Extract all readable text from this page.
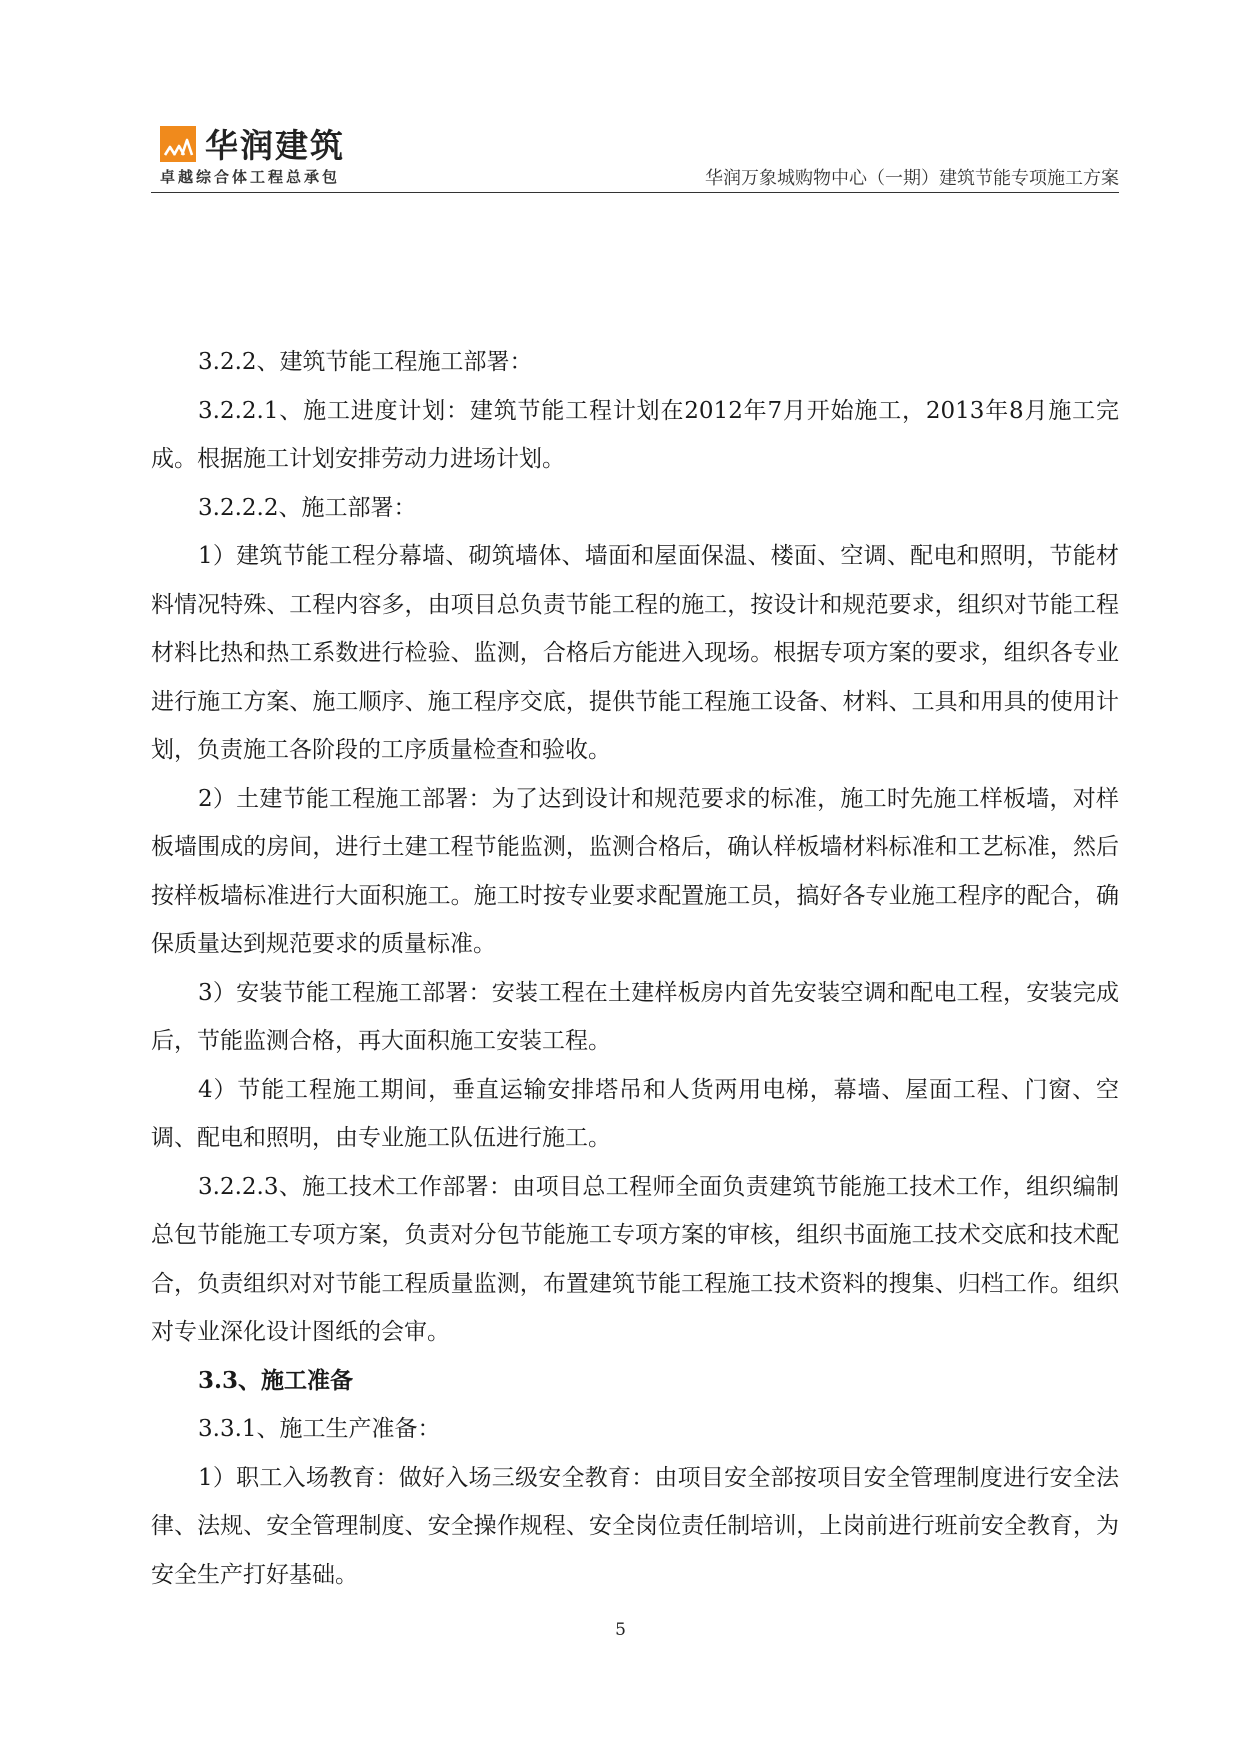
华润建筑
卓越综合体工程总承包	华润万象城购物中心（一期）建筑节能专项施工方案

3.2.2、建筑节能工程施工部署：

3.2.2.1、施工进度计划：建筑节能工程计划在2012年7月开始施工，2013年8月施工完成。根据施工计划安排劳动力进场计划。

3.2.2.2、施工部署：

1）建筑节能工程分幕墙、砌筑墙体、墙面和屋面保温、楼面、空调、配电和照明，节能材料情况特殊、工程内容多，由项目总负责节能工程的施工，按设计和规范要求，组织对节能工程材料比热和热工系数进行检验、监测，合格后方能进入现场。根据专项方案的要求，组织各专业进行施工方案、施工顺序、施工程序交底，提供节能工程施工设备、材料、工具和用具的使用计划，负责施工各阶段的工序质量检查和验收。

2）土建节能工程施工部署：为了达到设计和规范要求的标准，施工时先施工样板墙，对样板墙围成的房间，进行土建工程节能监测，监测合格后，确认样板墙材料标准和工艺标准，然后按样板墙标准进行大面积施工。施工时按专业要求配置施工员，搞好各专业施工程序的配合，确保质量达到规范要求的质量标准。

3）安装节能工程施工部署：安装工程在土建样板房内首先安装空调和配电工程，安装完成后，节能监测合格，再大面积施工安装工程。

4）节能工程施工期间，垂直运输安排塔吊和人货两用电梯，幕墙、屋面工程、门窗、空调、配电和照明，由专业施工队伍进行施工。

3.2.2.3、施工技术工作部署：由项目总工程师全面负责建筑节能施工技术工作，组织编制总包节能施工专项方案，负责对分包节能施工专项方案的审核，组织书面施工技术交底和技术配合，负责组织对对节能工程质量监测，布置建筑节能工程施工技术资料的搜集、归档工作。组织对专业深化设计图纸的会审。

3.3、施工准备

3.3.1、施工生产准备：

1）职工入场教育：做好入场三级安全教育：由项目安全部按项目安全管理制度进行安全法律、法规、安全管理制度、安全操作规程、安全岗位责任制培训，上岗前进行班前安全教育，为安全生产打好基础。

5
